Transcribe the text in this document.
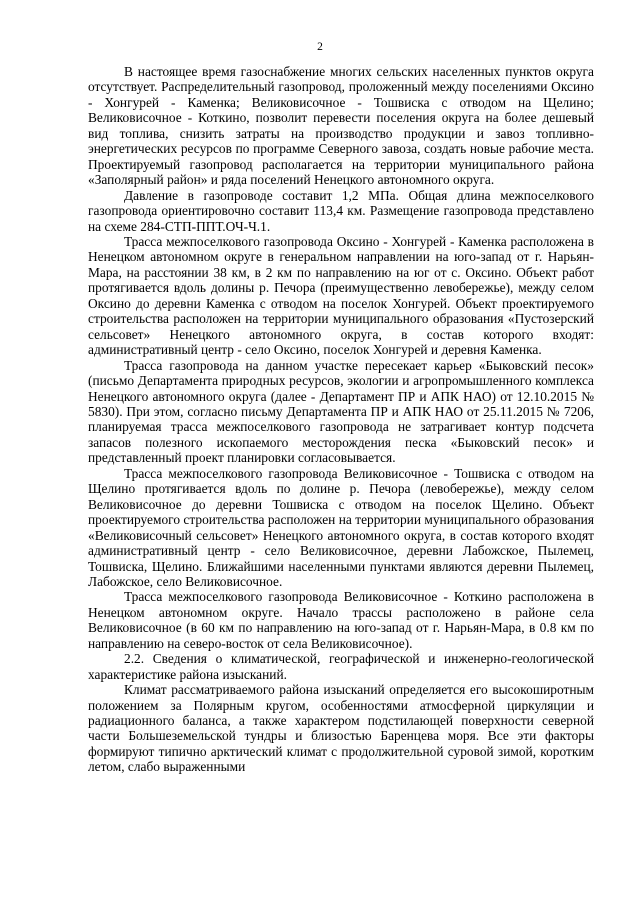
2

В настоящее время газоснабжение многих сельских населенных пунктов округа отсутствует. Распределительный газопровод, проложенный между поселениями Оксино - Хонгурей - Каменка; Великовисочное - Тошвиска с отводом на Щелино; Великовисочное - Коткино, позволит перевести поселения округа на более дешевый вид топлива, снизить затраты на производство продукции и завоз топливно-энергетических ресурсов по программе Северного завоза, создать новые рабочие места. Проектируемый газопровод располагается на территории муниципального района «Заполярный район» и ряда поселений Ненецкого автономного округа.

Давление в газопроводе составит 1,2 МПа. Общая длина межпоселкового газопровода ориентировочно составит 113,4 км. Размещение газопровода представлено на схеме 284-СТП-ППТ.ОЧ-Ч.1.

Трасса межпоселкового газопровода Оксино - Хонгурей - Каменка расположена в Ненецком автономном округе в генеральном направлении на юго-запад от г. Нарьян-Мара, на расстоянии 38 км, в 2 км по направлению на юг от с. Оксино. Объект работ протягивается вдоль долины р. Печора (преимущественно левобережье), между селом Оксино до деревни Каменка с отводом на поселок Хонгурей. Объект проектируемого строительства расположен на территории муниципального образования «Пустозерский сельсовет» Ненецкого автономного округа, в состав которого входят: административный центр - село Оксино, поселок Хонгурей и деревня Каменка.

Трасса газопровода на данном участке пересекает карьер «Быковский песок» (письмо Департамента природных ресурсов, экологии и агропромышленного комплекса Ненецкого автономного округа (далее - Департамент ПР и АПК НАО) от 12.10.2015 № 5830). При этом, согласно письму Департамента ПР и АПК НАО от 25.11.2015 № 7206, планируемая трасса межпоселкового газопровода не затрагивает контур подсчета запасов полезного ископаемого месторождения песка «Быковский песок» и представленный проект планировки согласовывается.

Трасса межпоселкового газопровода Великовисочное - Тошвиска с отводом на Щелино протягивается вдоль по долине р. Печора (левобережье), между селом Великовисочное до деревни Тошвиска с отводом на поселок Щелино. Объект проектируемого строительства расположен на территории муниципального образования «Великовисочный сельсовет» Ненецкого автономного округа, в состав которого входят административный центр - село Великовисочное, деревни Лабожское, Пылемец, Тошвиска, Щелино. Ближайшими населенными пунктами являются деревни Пылемец, Лабожское, село Великовисочное.

Трасса межпоселкового газопровода Великовисочное - Коткино расположена в Ненецком автономном округе. Начало трассы расположено в районе села Великовисочное (в 60 км по направлению на юго-запад от г. Нарьян-Мара, в 0.8 км по направлению на северо-восток от села Великовисочное).

2.2. Сведения о климатической, географической и инженерно-геологической характеристике района изысканий.

Климат рассматриваемого района изысканий определяется его высокоширотным положением за Полярным кругом, особенностями атмосферной циркуляции и радиационного баланса, а также характером подстилающей поверхности северной части Большеземельской тундры и близостью Баренцева моря. Все эти факторы формируют типично арктический климат с продолжительной суровой зимой, коротким летом, слабо выраженными
